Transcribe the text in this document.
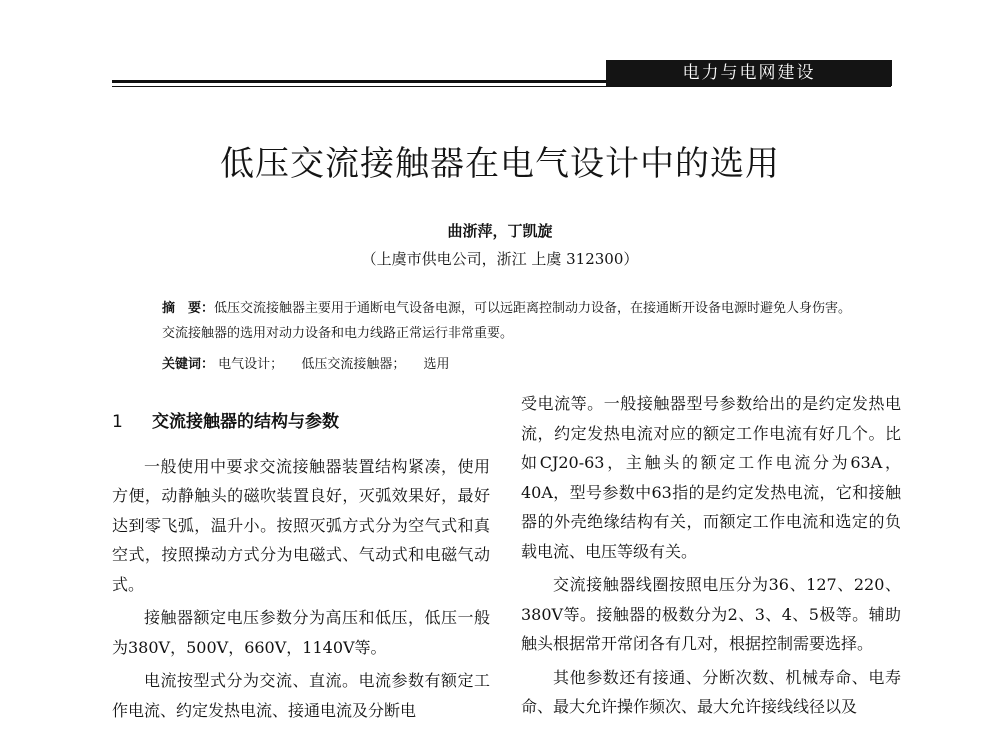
电力与电网建设
低压交流接触器在电气设计中的选用
曲浙萍，丁凯旋
（上虞市供电公司，浙江 上虞 312300）
摘　要：低压交流接触器主要用于通断电气设备电源，可以远距离控制动力设备，在接通断开设备电源时避免人身伤害。交流接触器的选用对动力设备和电力线路正常运行非常重要。
关键词： 电气设计； 低压交流接触器； 选用
1 交流接触器的结构与参数

一般使用中要求交流接触器装置结构紧凑，使用方便，动静触头的磁吹装置良好，灭弧效果好，最好达到零飞弧，温升小。按照灭弧方式分为空气式和真空式，按照操动方式分为电磁式、气动式和电磁气动式。

接触器额定电压参数分为高压和低压，低压一般为380V，500V，660V，1140V等。

电流按型式分为交流、直流。电流参数有额定工作电流、约定发热电流、接通电流及分断电

受电流等。一般接触器型号参数给出的是约定发热电流，约定发热电流对应的额定工作电流有好几个。比如CJ20-63，主触头的额定工作电流分为63A，40A，型号参数中63指的是约定发热电流，它和接触器的外壳绝缘结构有关，而额定工作电流和选定的负载电流、电压等级有关。

交流接触器线圈按照电压分为36、127、220、380V等。接触器的极数分为2、3、4、5极等。辅助触头根据常开常闭各有几对，根据控制需要选择。

其他参数还有接通、分断次数、机械寿命、电寿命、最大允许操作频次、最大允许接线线径以及
